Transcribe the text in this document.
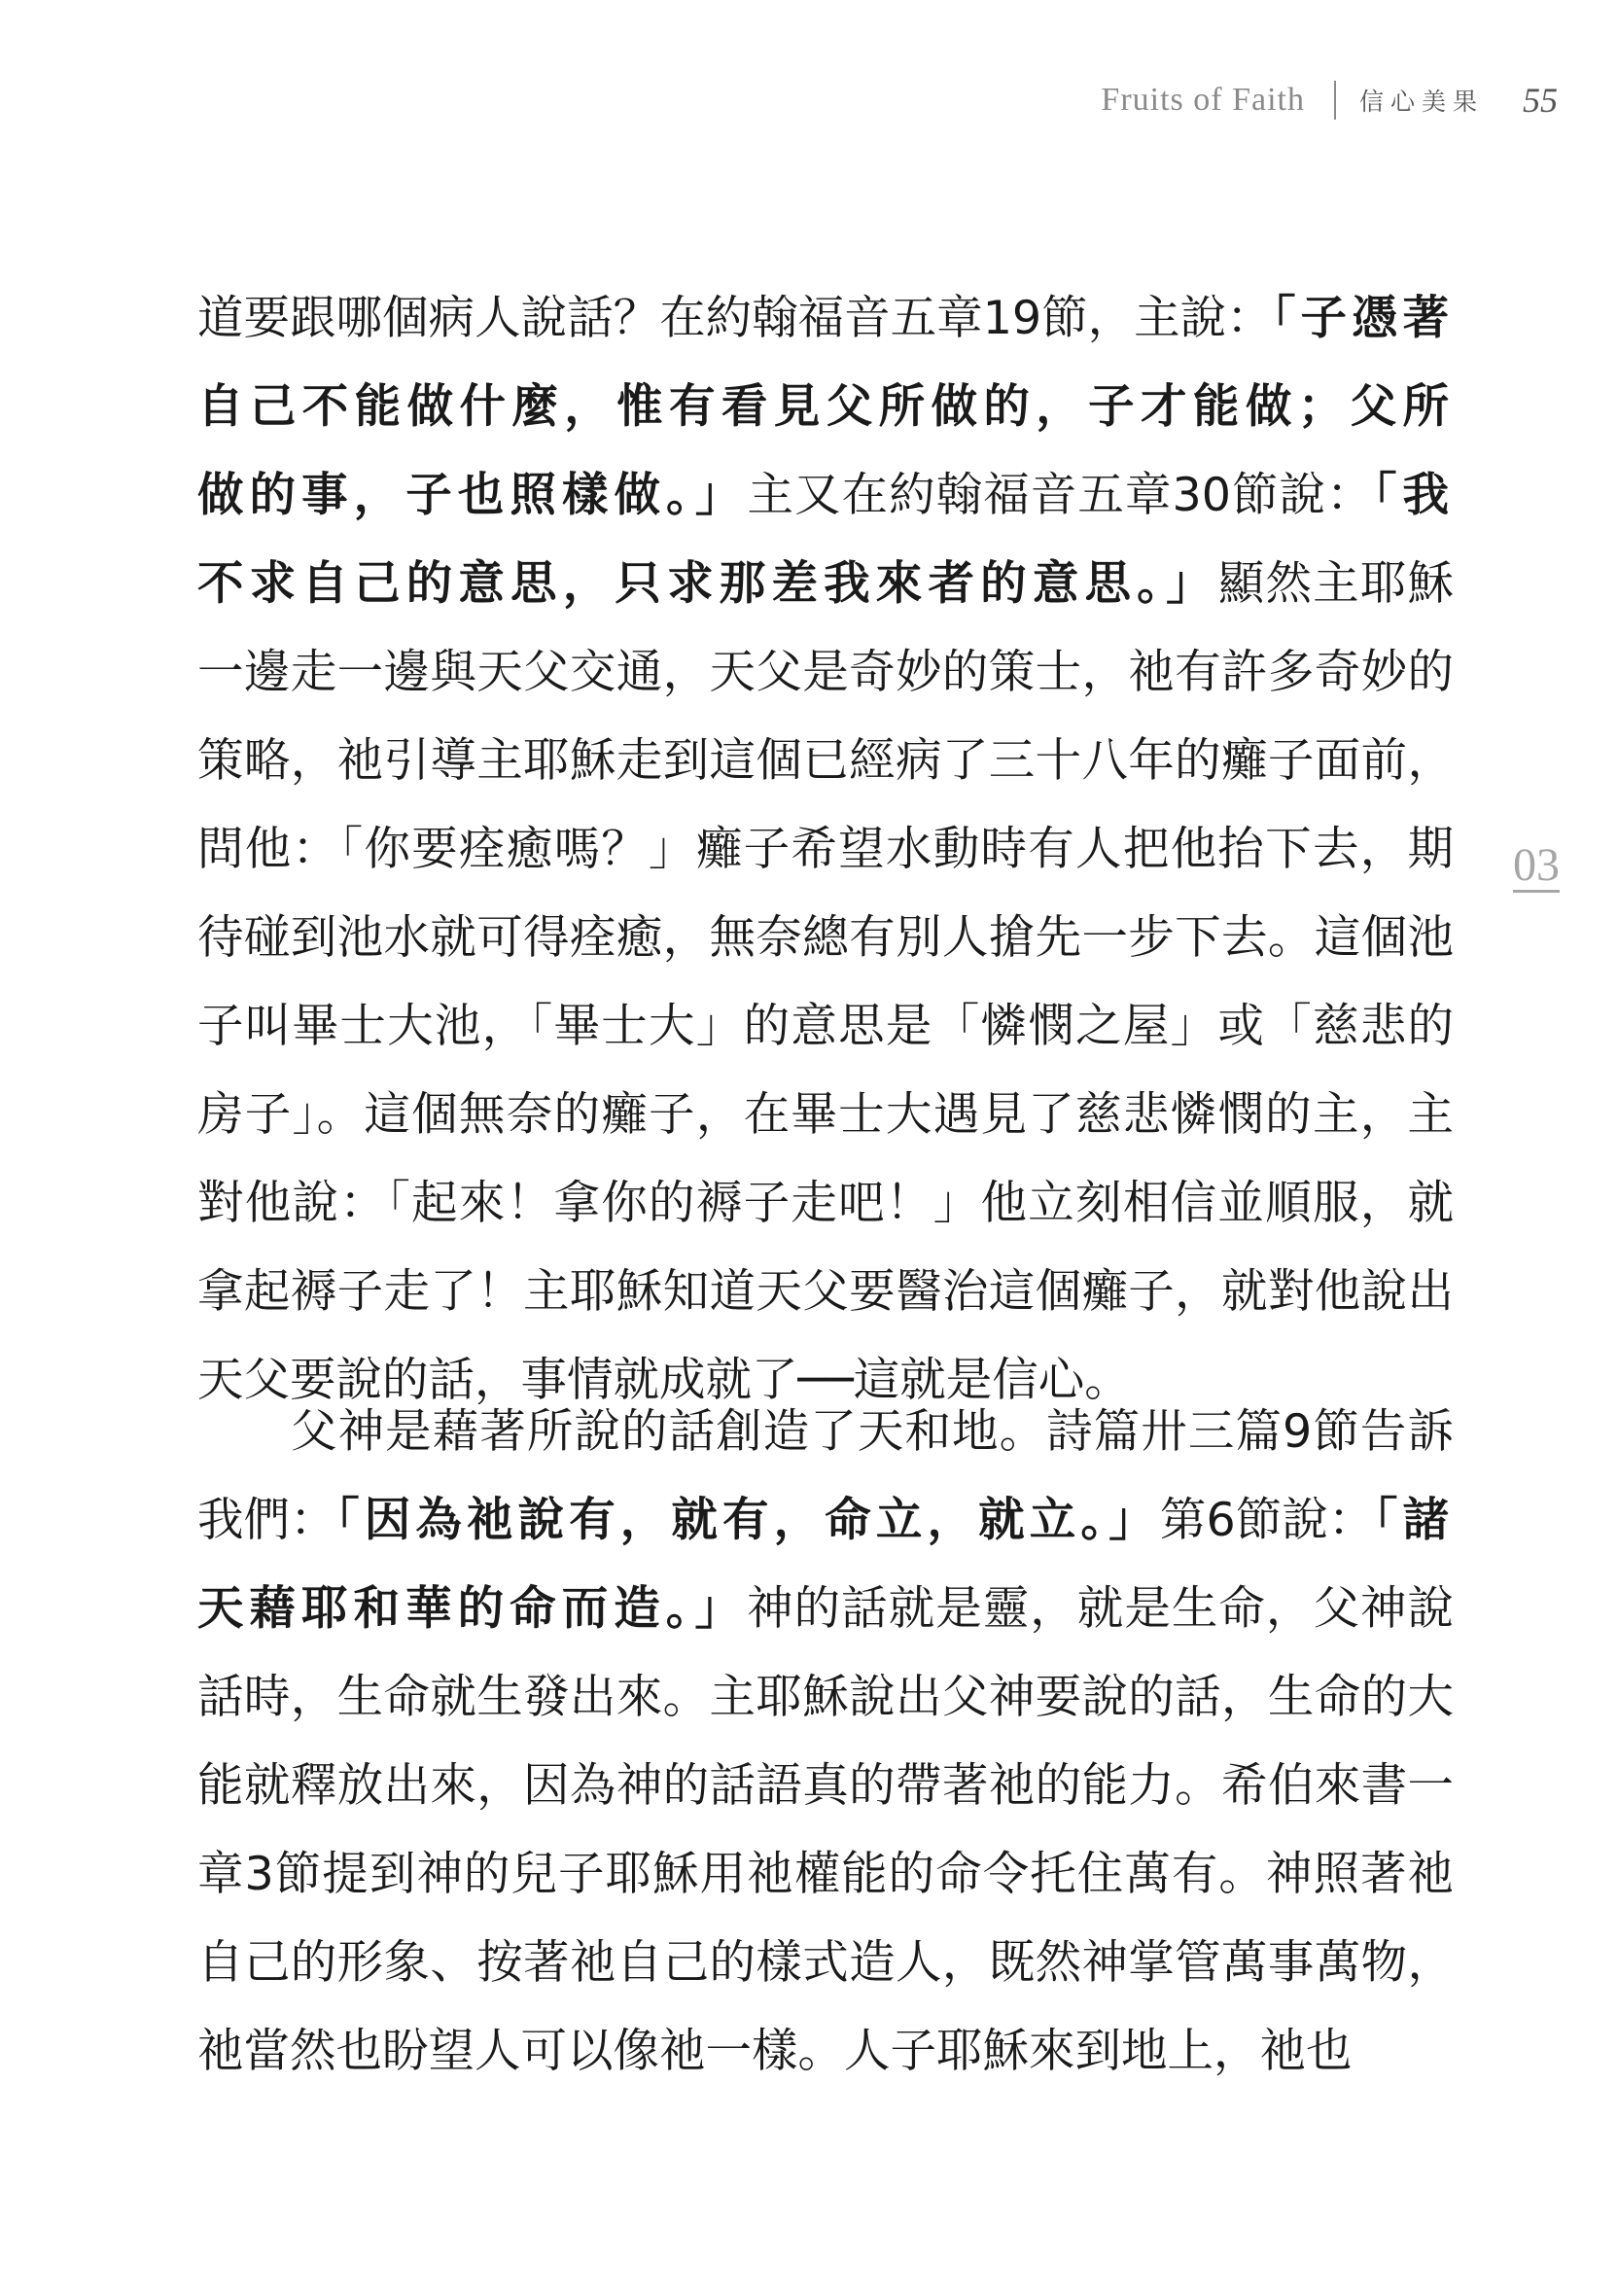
Fruits of Faith 信心美果 55
03

道要跟哪個病人說話？在約翰福音五章19節，主說：「子憑著自己不能做什麼，惟有看見父所做的，子才能做；父所做的事，子也照樣做。」主又在約翰福音五章30節說：「我不求自己的意思，只求那差我來者的意思。」顯然主耶穌一邊走一邊與天父交通，天父是奇妙的策士，祂有許多奇妙的策略，祂引導主耶穌走到這個已經病了三十八年的癱子面前，問他：「你要痊癒嗎？」癱子希望水動時有人把他抬下去，期待碰到池水就可得痊癒，無奈總有別人搶先一步下去。這個池子叫畢士大池，「畢士大」的意思是「憐憫之屋」或「慈悲的房子」。這個無奈的癱子，在畢士大遇見了慈悲憐憫的主，主對他說：「起來！拿你的褥子走吧！」他立刻相信並順服，就拿起褥子走了！主耶穌知道天父要醫治這個癱子，就對他說出天父要說的話，事情就成就了──這就是信心。

父神是藉著所說的話創造了天和地。詩篇卅三篇9節告訴我們：「因為祂說有，就有，命立，就立。」第6節說：「諸天藉耶和華的命而造。」神的話就是靈，就是生命，父神說話時，生命就生發出來。主耶穌說出父神要說的話，生命的大能就釋放出來，因為神的話語真的帶著祂的能力。希伯來書一章3節提到神的兒子耶穌用祂權能的命令托住萬有。神照著祂自己的形象、按著祂自己的樣式造人，既然神掌管萬事萬物，祂當然也盼望人可以像祂一樣。人子耶穌來到地上，祂也
